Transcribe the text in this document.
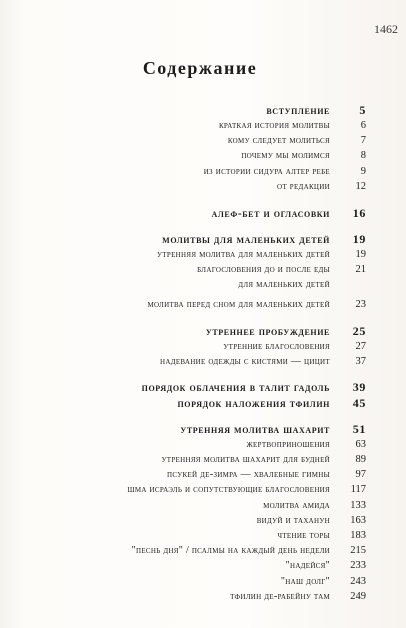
1462
Содержание
вступление	5
краткая история молитвы	6
кому следует молиться	7
почему мы молимся	8
из истории сидура алтер ребе	9
от редакции	12
алеф-бет и огласовки	16
молитвы для маленьких детей	19
утренняя молитва для маленьких детей	19
благословения до и после еды	21
для маленьких детей
молитва перед сном для маленьких детей	23
утреннее пробуждение	25
утренние благословения	27
надевание одежды с кистями — цицит	37
порядок облачения в талит гадоль	39
порядок наложения тфилин	45
утренняя молитва шахарит	51
жертвоприношения	63
утренняя молитва шахарит для будней	89
псукей де-зимра — хвалебные гимны	97
шма исраэль и сопутствующие благословения	117
молитва амида	133
видуй и таханун	163
чтение торы	183
"песнь дня" / псалмы на каждый день недели	215
"надейся"	233
"наш долг"	243
тфилин де-рабейну там	249
